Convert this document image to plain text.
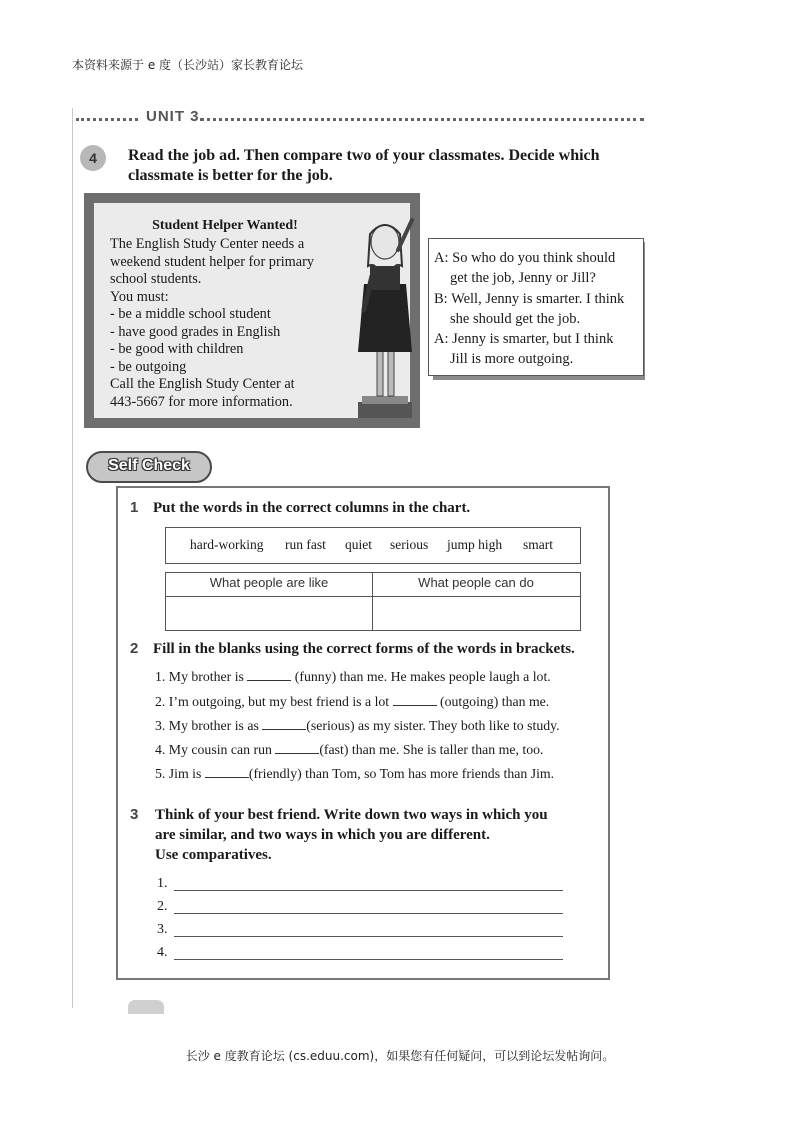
本资料来源于 e 度（长沙站）家长教育论坛
长沙 e 度教育论坛 (cs.eduu.com)，如果您有任何疑问，可以到论坛发帖询问。
UNIT 3
4	Read the job ad. Then compare two of your classmates. Decide which classmate is better for the job.
Student Helper Wanted!
The English Study Center needs a
weekend student helper for primary
school students.
You must:
- be a middle school student
- have good grades in English
- be good with children
- be outgoing
Call the English Study Center at
443-5667 for more information.
A: So who do you think should
get the job, Jenny or Jill?
B: Well, Jenny is smarter. I think
she should get the job.
A: Jenny is smarter, but I think
Jill is more outgoing.
Self Check
1 Put the words in the correct columns in the chart.
hard-working run fast quiet serious jump high smart
What people are like	What people can do
2 Fill in the blanks using the correct forms of the words in brackets.
1. My brother is	(funny) than me. He makes people laugh a lot.
2. I’m outgoing, but my best friend is a lot	(outgoing) than me.
3. My brother is as	(serious) as my sister. They both like to study.
4. My cousin can run	(fast) than me. She is taller than me, too.
5. Jim is	(friendly) than Tom, so Tom has more friends than Jim.
3 Think of your best friend. Write down two ways in which you
are similar, and two ways in which you are different.
Use comparatives.
1.
2.
3.
4.
